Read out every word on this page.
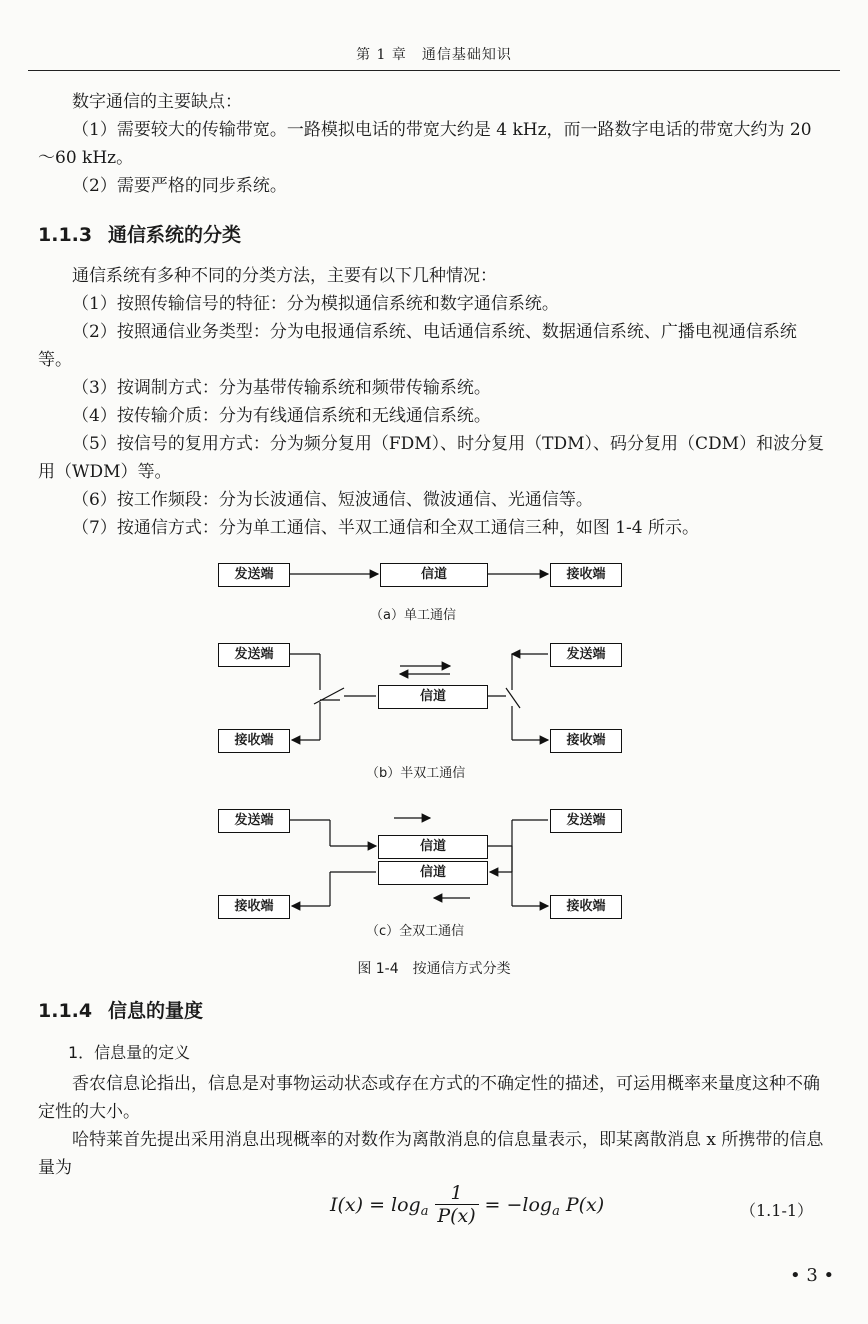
第 1 章　通信基础知识
数字通信的主要缺点：
（1）需要较大的传输带宽。一路模拟电话的带宽大约是 4 kHz，而一路数字电话的带宽大约为 20～60 kHz。
（2）需要严格的同步系统。
1.1.3 通信系统的分类
通信系统有多种不同的分类方法，主要有以下几种情况：
（1）按照传输信号的特征：分为模拟通信系统和数字通信系统。
（2）按照通信业务类型：分为电报通信系统、电话通信系统、数据通信系统、广播电视通信系统等。
（3）按调制方式：分为基带传输系统和频带传输系统。
（4）按传输介质：分为有线通信系统和无线通信系统。
（5）按信号的复用方式：分为频分复用（FDM）、时分复用（TDM）、码分复用（CDM）和波分复用（WDM）等。
（6）按工作频段：分为长波通信、短波通信、微波通信、光通信等。
（7）按通信方式：分为单工通信、半双工通信和全双工通信三种，如图 1-4 所示。
发送端	信道	接收端
（a）单工通信
发送端	发送端
信道
接收端	接收端
（b）半双工通信
发送端	发送端
信道
信道
接收端	接收端
（c）全双工通信
图 1-4　按通信方式分类
1.1.4 信息的量度
1．信息量的定义
香农信息论指出，信息是对事物运动状态或存在方式的不确定性的描述，可运用概率来量度这种不确定性的大小。
哈特莱首先提出采用消息出现概率的对数作为离散消息的信息量表示，即某离散消息 x 所携带的信息量为
$I(x) = \log_a \frac{1}{P(x)} = -\log_a$ P(x)	（1.1-1）
• 3 •
